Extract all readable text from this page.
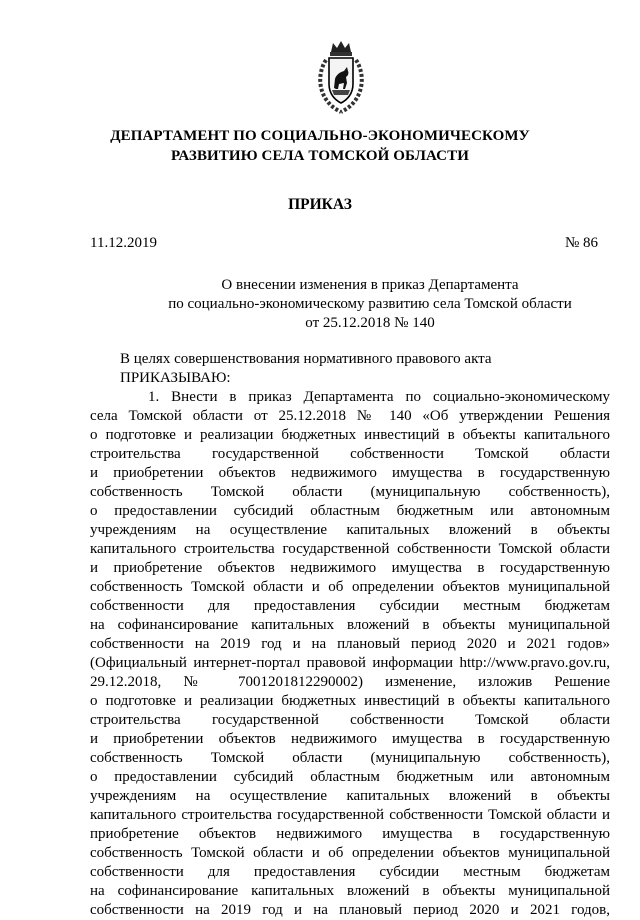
ДЕПАРТАМЕНТ ПО СОЦИАЛЬНО-ЭКОНОМИЧЕСКОМУ
РАЗВИТИЮ СЕЛА ТОМСКОЙ ОБЛАСТИ
ПРИКАЗ
11.12.2019	№ 86
О внесении изменения в приказ Департамента
по социально-экономическому развитию села Томской области
от 25.12.2018 № 140
В целях совершенствования нормативного правового акта
ПРИКАЗЫВАЮ:
1. Внести в приказ Департамента по социально-экономическому
села Томской области от 25.12.2018 № 140 «Об утверждении Решения
о подготовке и реализации бюджетных инвестиций в объекты капитального
строительства государственной собственности Томской области
и приобретении объектов недвижимого имущества в государственную
собственность Томской области (муниципальную собственность),
о предоставлении субсидий областным бюджетным или автономным
учреждениям на осуществление капитальных вложений в объекты
капитального строительства государственной собственности Томской области
и приобретение объектов недвижимого имущества в государственную
собственность Томской области и об определении объектов муниципальной
собственности для предоставления субсидии местным бюджетам
на софинансирование капитальных вложений в объекты муниципальной
собственности на 2019 год и на плановый период 2020 и 2021 годов»
(Официальный интернет-портал правовой информации http://www.pravo.gov.ru,
29.12.2018, № 7001201812290002) изменение, изложив Решение
о подготовке и реализации бюджетных инвестиций в объекты капитального
строительства государственной собственности Томской области
и приобретении объектов недвижимого имущества в государственную
собственность Томской области (муниципальную собственность),
о предоставлении субсидий областным бюджетным или автономным
учреждениям на осуществление капитальных вложений в объекты
капитального строительства государственной собственности Томской области и
приобретение объектов недвижимого имущества в государственную
собственность Томской области и об определении объектов муниципальной
собственности для предоставления субсидии местным бюджетам
на софинансирование капитальных вложений в объекты муниципальной
собственности на 2019 год и на плановый период 2020 и 2021 годов,
